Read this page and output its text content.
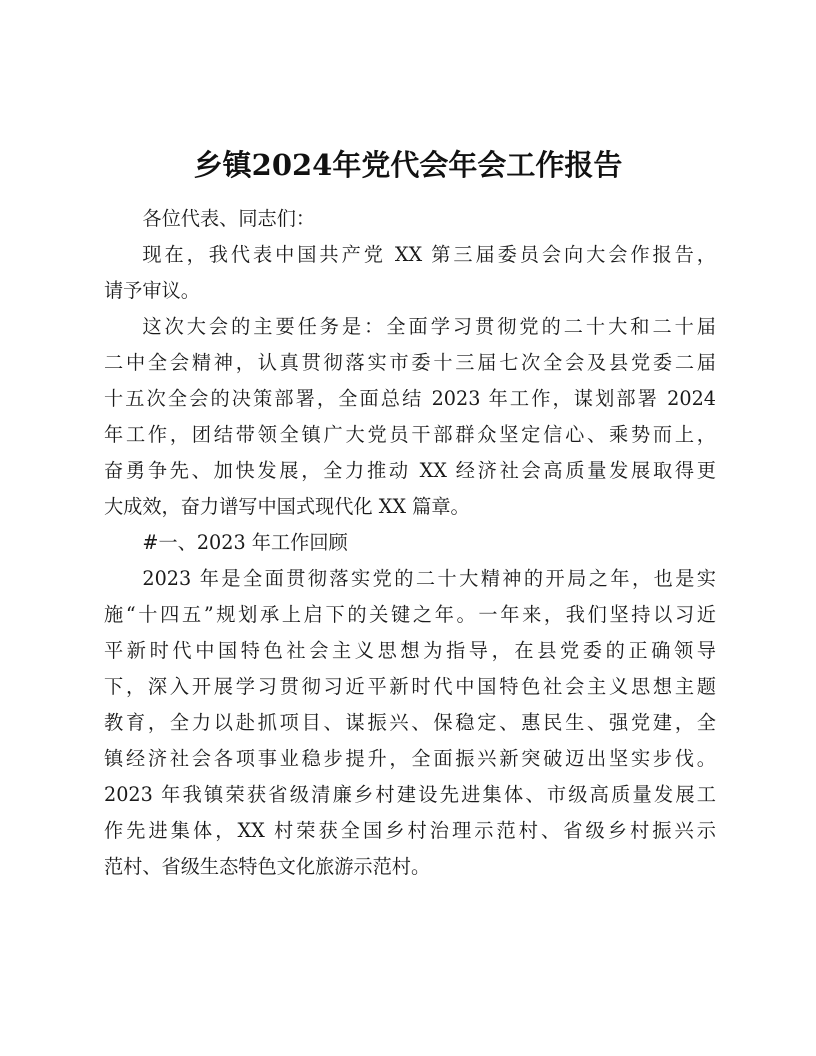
乡镇2024年党代会年会工作报告

各位代表、同志们：

现在，我代表中国共产党 XX 第三届委员会向大会作报告，
请予审议。

这次大会的主要任务是：全面学习贯彻党的二十大和二十届
二中全会精神，认真贯彻落实市委十三届七次全会及县党委二届
十五次全会的决策部署，全面总结 2023 年工作，谋划部署 2024
年工作，团结带领全镇广大党员干部群众坚定信心、乘势而上，
奋勇争先、加快发展，全力推动 XX 经济社会高质量发展取得更
大成效，奋力谱写中国式现代化 XX 篇章。

#一、2023 年工作回顾

2023 年是全面贯彻落实党的二十大精神的开局之年，也是实
施“十四五”规划承上启下的关键之年。一年来，我们坚持以习近
平新时代中国特色社会主义思想为指导，在县党委的正确领导
下，深入开展学习贯彻习近平新时代中国特色社会主义思想主题
教育，全力以赴抓项目、谋振兴、保稳定、惠民生、强党建，全
镇经济社会各项事业稳步提升，全面振兴新突破迈出坚实步伐。
2023 年我镇荣获省级清廉乡村建设先进集体、市级高质量发展工
作先进集体，XX 村荣获全国乡村治理示范村、省级乡村振兴示
范村、省级生态特色文化旅游示范村。
